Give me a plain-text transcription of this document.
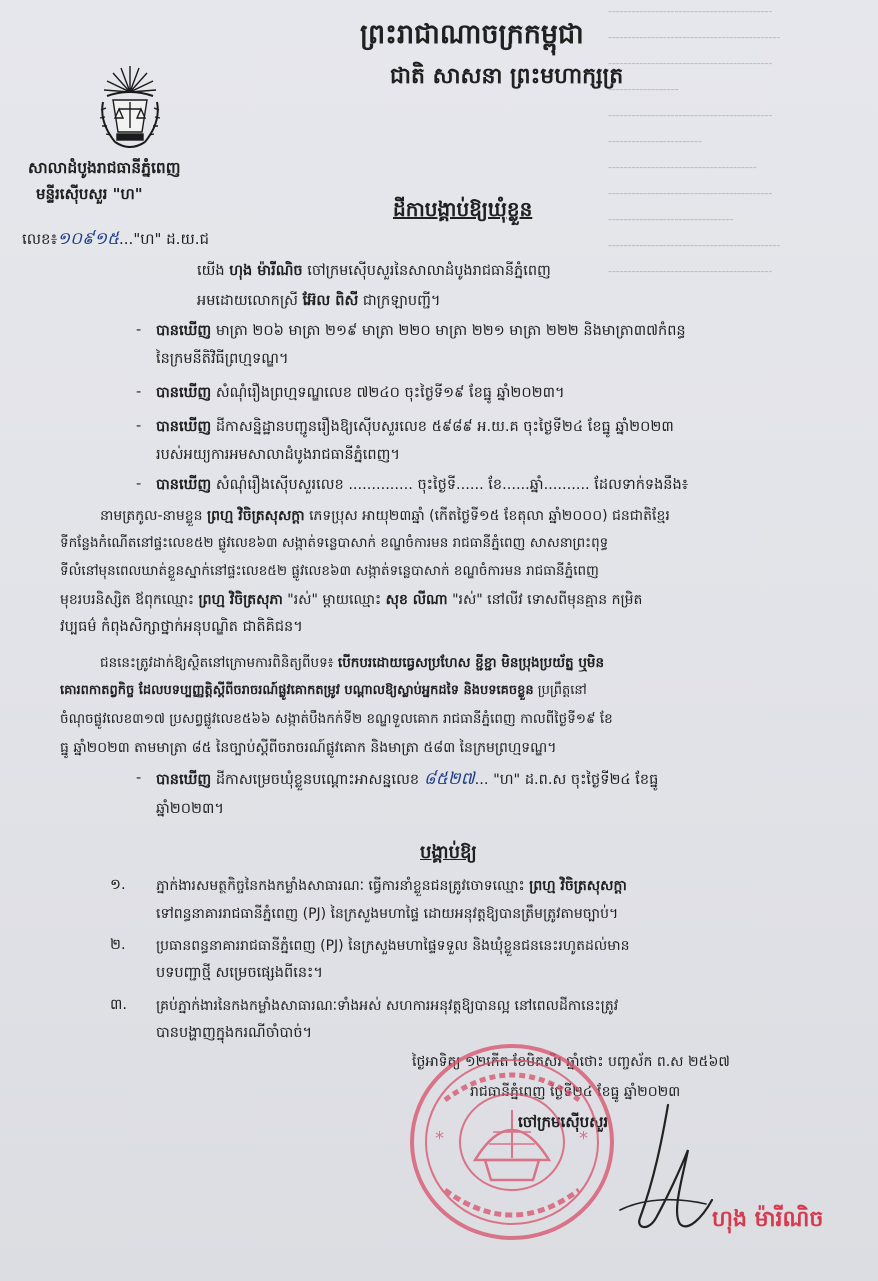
╌╌╌╌╌╌╌╌╌╌╌╌╌╌╌╌╌╌╌╌╌
╌╌╌╌╌╌╌╌╌╌╌╌╌╌╌╌╌╌╌╌╌╌
╌╌╌╌╌╌╌╌╌╌╌╌╌╌╌╌╌╌╌╌╌
╌╌╌╌╌╌╌╌╌
╌╌╌╌╌╌╌╌╌╌╌╌╌╌╌╌╌╌╌╌╌
╌╌╌╌╌╌╌╌╌╌╌╌
╌╌╌╌╌╌╌╌╌╌╌╌╌╌╌╌╌╌╌
╌╌╌╌╌╌╌╌╌╌╌╌╌╌╌╌╌╌╌╌╌
╌╌╌╌╌╌╌╌╌╌╌╌╌╌╌╌
╌╌╌╌╌╌╌╌╌╌╌╌╌╌╌╌╌╌╌╌╌╌
╌╌╌╌╌╌╌╌╌╌╌╌╌╌╌╌╌╌╌╌╌
ព្រះរាជាណាចក្រកម្ពុជា
ជាតិ សាសនា ព្រះមហាក្សត្រ
សាលាដំបូងរាជធានីភ្នំពេញ
មន្ទីរស៊ើបសួរ "ហ"
លេខ៖១០៩១៥..."ហ" ដ.យ.ជ
ដីកាបង្គាប់ឱ្យឃុំខ្លួន
យើង ហុង ម៉ារីណិច ចៅក្រមស៊ើបសួរនៃសាលាដំបូងរាជធានីភ្នំពេញ
អមដោយលោកស្រី អ៊ែល ពិសី ជាក្រឡាបញ្ជី។
- បានឃើញ មាត្រា ២០៦ មាត្រា ២១៩ មាត្រា ២២០ មាត្រា ២២១ មាត្រា ២២២ និងមាត្រា៣៧កំពន្ធ
នៃក្រមនីតិវិធីព្រហ្មទណ្ឌ។
- បានឃើញ សំណុំរឿងព្រហ្មទណ្ឌលេខ ៧២៤០ ចុះថ្ងៃទី១៩ ខែធ្នូ ឆ្នាំ២០២៣។
- បានឃើញ ដីកាសន្និដ្ឋានបញ្ជូនរឿងឱ្យស៊ើបសួរលេខ ៥៩៨៩ អ.យ.គ ចុះថ្ងៃទី២៤ ខែធ្នូ ឆ្នាំ២០២៣
របស់អយ្យការអមសាលាដំបូងរាជធានីភ្នំពេញ។
- បានឃើញ សំណុំរឿងស៊ើបសួរលេខ .............. ចុះថ្ងៃទី...... ខែ......ឆ្នាំ.......... ដែលទាក់ទងនឹង៖
នាមត្រកូល-នាមខ្លួន ព្រហ្ម វិចិត្រសុសក្តា ភេទប្រុស អាយុ២៣ឆ្នាំ (កើតថ្ងៃទី១៥ ខែតុលា ឆ្នាំ២០០០) ជនជាតិខ្មែរ
ទីកន្លែងកំណើតនៅផ្ទះលេខ៥២ ផ្លូវលេខ៦៣ សង្កាត់ទន្លេបាសាក់ ខណ្ឌចំការមន រាជធានីភ្នំពេញ សាសនាព្រះពុទ្ធ
ទីលំនៅមុនពេលឃាត់ខ្លួនស្នាក់នៅផ្ទះលេខ៥២ ផ្លូវលេខ៦៣ សង្កាត់ទន្លេបាសាក់ ខណ្ឌចំការមន រាជធានីភ្នំពេញ
មុខរបរនិស្សិត ឪពុកឈ្មោះ ព្រហ្ម វិចិត្រសុភា "រស់" ម្ដាយឈ្មោះ សុខ លីណា "រស់" នៅលីវ ទោសពីមុនគ្មាន កម្រិត
វប្បធម៌ កំពុងសិក្សាថ្នាក់អនុបណ្ឌិត ជាតិគិជន។
ជននេះត្រូវដាក់ឱ្យស្ថិតនៅក្រោមការពិនិត្យពីបទ៖ បើកបរដោយធ្វេសប្រហែស ខ្ជីខ្ជា មិនប្រុងប្រយ័ត្ន ឬមិន
គោរពកាតព្វកិច្ច ដែលបទប្បញ្ញត្តិស្តីពីចរាចរណ៍ផ្លូវគោកតម្រូវ បណ្តាលឱ្យស្លាប់អ្នកដទៃ និងបទគេចខ្លួន ប្រព្រឹត្តនៅ
ចំណុចផ្លូវលេខ៣១៧ ប្រសព្វផ្លូវលេខ៥៦៦ សង្កាត់បឹងកក់ទី២ ខណ្ឌទួលគោក រាជធានីភ្នំពេញ កាលពីថ្ងៃទី១៩ ខែ
ធ្នូ ឆ្នាំ២០២៣ តាមមាត្រា ៨៥ នៃច្បាប់ស្តីពីចរាចរណ៍ផ្លូវគោក និងមាត្រា ៥៨៣ នៃក្រមព្រហ្មទណ្ឌ។
- បានឃើញ ដីកាសម្រេចឃុំខ្លួនបណ្ដោះអាសន្នលេខ ៨៥២៧... "ហ" ដ.ព.ស ចុះថ្ងៃទី២៤ ខែធ្នូ
ឆ្នាំ២០២៣។
បង្គាប់ឱ្យ
១. ភ្នាក់ងារសមត្ថកិច្ចនៃកងកម្លាំងសាធារណៈ ធ្វើការនាំខ្លួនជនត្រូវចោទឈ្មោះ ព្រហ្ម វិចិត្រសុសក្តា
ទៅពន្ធនាគាររាជធានីភ្នំពេញ (PJ) នៃក្រសួងមហាផ្ទៃ ដោយអនុវត្តឱ្យបានត្រឹមត្រូវតាមច្បាប់។
២. ប្រធានពន្ធនាគាររាជធានីភ្នំពេញ (PJ) នៃក្រសួងមហាផ្ទៃទទួល និងឃុំខ្លួនជននេះរហូតដល់មាន
បទបញ្ជាថ្មី សម្រេចផ្សេងពីនេះ។
៣. គ្រប់ភ្នាក់ងារនៃកងកម្លាំងសាធារណៈទាំងអស់ សហការអនុវត្តឱ្យបានល្អ នៅពេលដីកានេះត្រូវ
បានបង្ហាញក្នុងករណីចាំបាច់។
ថ្ងៃអាទិត្យ ១២កើត ខែមិគសិរ ឆ្នាំថោះ បញ្ចស័ក ព.ស ២៥៦៧
រាជធានីភ្នំពេញ ថ្ងៃទី២៤ ខែធ្នូ ឆ្នាំ២០២៣
ចៅក្រមស៊ើបសួរ
*	*
ហុង ម៉ារីណិច
